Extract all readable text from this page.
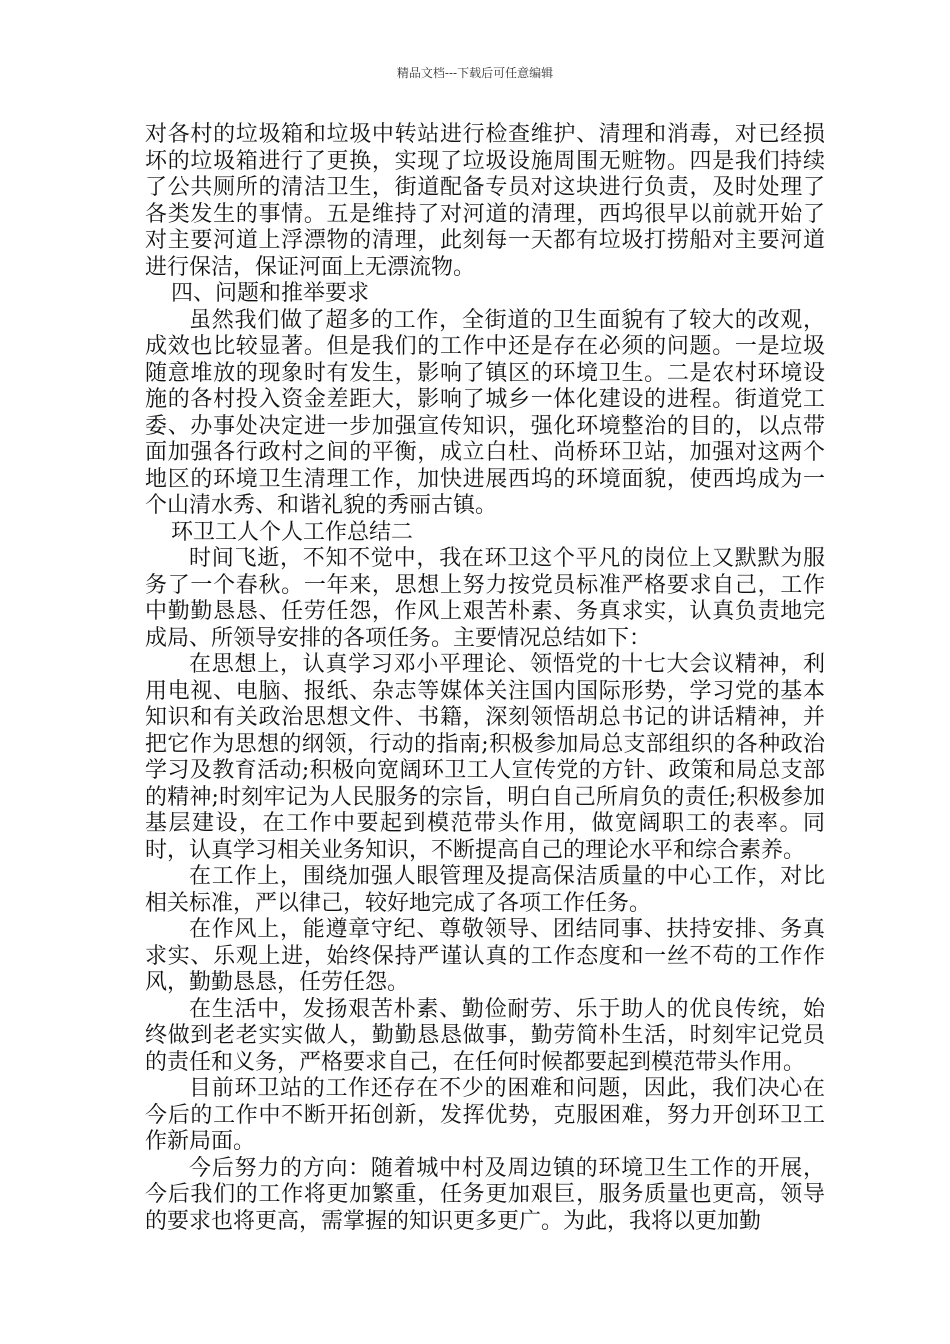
精品文档---下载后可任意编辑

对各村的垃圾箱和垃圾中转站进行检查维护、清理和消毒，对已经损坏的垃圾箱进行了更换，实现了垃圾设施周围无赃物。四是我们持续了公共厕所的清洁卫生，街道配备专员对这块进行负责，及时处理了各类发生的事情。五是维持了对河道的清理，西坞很早以前就开始了对主要河道上浮漂物的清理，此刻每一天都有垃圾打捞船对主要河道进行保洁，保证河面上无漂流物。

四、问题和推举要求

虽然我们做了超多的工作，全街道的卫生面貌有了较大的改观，成效也比较显著。但是我们的工作中还是存在必须的问题。一是垃圾随意堆放的现象时有发生，影响了镇区的环境卫生。二是农村环境设施的各村投入资金差距大，影响了城乡一体化建设的进程。街道党工委、办事处决定进一步加强宣传知识，强化环境整治的目的，以点带面加强各行政村之间的平衡，成立白杜、尚桥环卫站，加强对这两个地区的环境卫生清理工作，加快进展西坞的环境面貌，使西坞成为一个山清水秀、和谐礼貌的秀丽古镇。

环卫工人个人工作总结二

时间飞逝，不知不觉中，我在环卫这个平凡的岗位上又默默为服务了一个春秋。一年来，思想上努力按党员标准严格要求自己，工作中勤勤恳恳、任劳任怨，作风上艰苦朴素、务真求实，认真负责地完成局、所领导安排的各项任务。主要情况总结如下：

在思想上，认真学习邓小平理论、领悟党的十七大会议精神，利用电视、电脑、报纸、杂志等媒体关注国内国际形势，学习党的基本知识和有关政治思想文件、书籍，深刻领悟胡总书记的讲话精神，并把它作为思想的纲领，行动的指南;积极参加局总支部组织的各种政治学习及教育活动;积极向宽阔环卫工人宣传党的方针、政策和局总支部的精神;时刻牢记为人民服务的宗旨，明白自己所肩负的责任;积极参加基层建设，在工作中要起到模范带头作用，做宽阔职工的表率。同时，认真学习相关业务知识，不断提高自己的理论水平和综合素养。

在工作上，围绕加强人眼管理及提高保洁质量的中心工作，对比相关标准，严以律己，较好地完成了各项工作任务。

在作风上，能遵章守纪、尊敬领导、团结同事、扶持安排、务真求实、乐观上进，始终保持严谨认真的工作态度和一丝不苟的工作作风，勤勤恳恳，任劳任怨。

在生活中，发扬艰苦朴素、勤俭耐劳、乐于助人的优良传统，始终做到老老实实做人，勤勤恳恳做事，勤劳简朴生活，时刻牢记党员的责任和义务，严格要求自己，在任何时候都要起到模范带头作用。

目前环卫站的工作还存在不少的困难和问题，因此，我们决心在今后的工作中不断开拓创新，发挥优势，克服困难，努力开创环卫工作新局面。

今后努力的方向：随着城中村及周边镇的环境卫生工作的开展，今后我们的工作将更加繁重，任务更加艰巨，服务质量也更高，领导的要求也将更高，需掌握的知识更多更广。为此，我将以更加勤
